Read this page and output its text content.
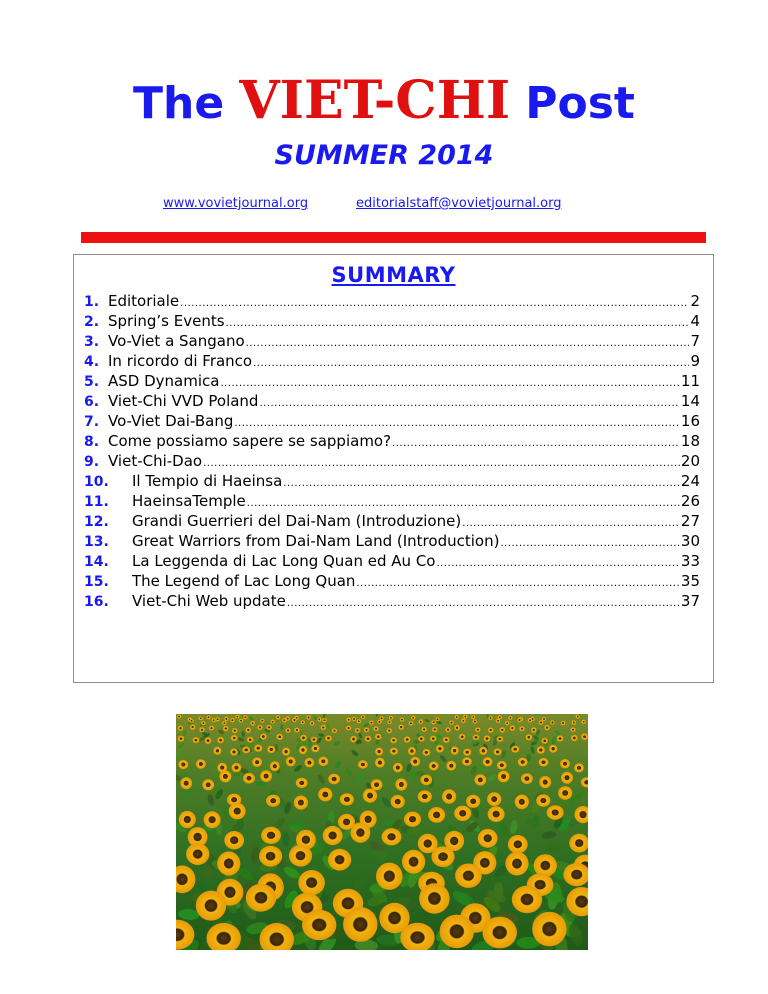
The VIET-CHI Post
SUMMER 2014
www.vovietjournal.org	editorialstaff@vovietjournal.org
SUMMARY
1. Editoriale .....	2
2. Spring’s Events .....	4
3. Vo-Viet a Sangano .....	7
4. In ricordo di Franco .....	9
5. ASD Dynamica .....	11
6. Viet-Chi VVD Poland .....	14
7. Vo-Viet Dai-Bang .....	16
8. Come possiamo sapere se sappiamo? .....	18
9. Viet-Chi-Dao .....	20
10.	Il Tempio di Haeinsa .....	24
11.	HaeinsaTemple .....	26
12.	Grandi Guerrieri del Dai-Nam (Introduzione) .....	27
13.	Great Warriors from Dai-Nam Land (Introduction) .....	30
14.	La Leggenda di Lac Long Quan ed Au Co .....	33
15.	The Legend of Lac Long Quan .....	35
16.	Viet-Chi Web update .....	37
